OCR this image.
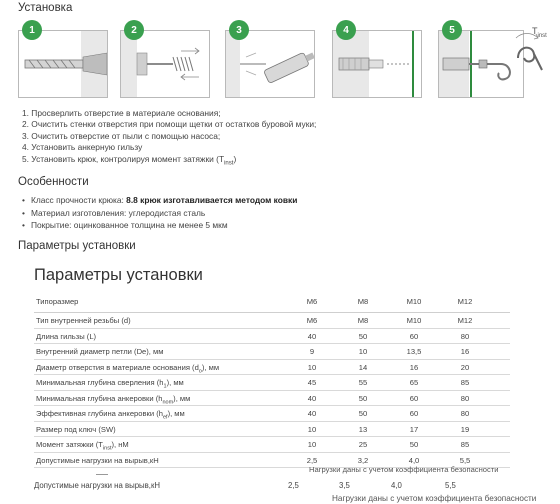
Установка
1	2	3	4	5	$T_{inst}$
1. Просверлить отверстие в материале основания;
2. Очистить стенки отверстия при помощи щетки от остатков буровой муки;
3. Очистить отверстие от пыли с помощью насоса;
4. Установить анкерную гильзу
5. Установить крюк, контролируя момент затяжки $(T_{inst})$
Особенности
• Класс прочности крюка: 8.8 крюк изготавливается методом ковки
• Материал изготовления: углеродистая сталь
• Покрытие: оцинкованное толщина не менее 5 мкм
Параметры установки
Параметры установки
Типоразмер	М6	М8	М10	М12
Тип внутренней резьбы (d)	М6	М8	М10	М12
Длина гильзы (L)	40	50	60	80
Внутренний диаметр петли (De), мм	9	10	13,5	16
Диаметр отверстия в материале основания $(d_o)$, мм	10	14	16	20
Минимальная глубина сверления $(h_1)$, мм	45	55	65	85
Минимальная глубина анкеровки $(h_{nom})$, мм	40	50	60	80
Эффективная глубина анкеровки $(h_{ef})$, мм	40	50	60	80
Размер под ключ (SW)	10	13	17	19
Момент затяжки $(T_{inst})$, нМ	10	25	50	85
Допустимые нагрузки на вырыв,кН	2,5	3,2	4,0	5,5
Нагрузки даны с учетом коэффициента безопасности
Допустимые нагрузки на вырыв,кН	2,5	3,5	4,0	5,5
Нагрузки даны с учетом коэффициента безопасности
